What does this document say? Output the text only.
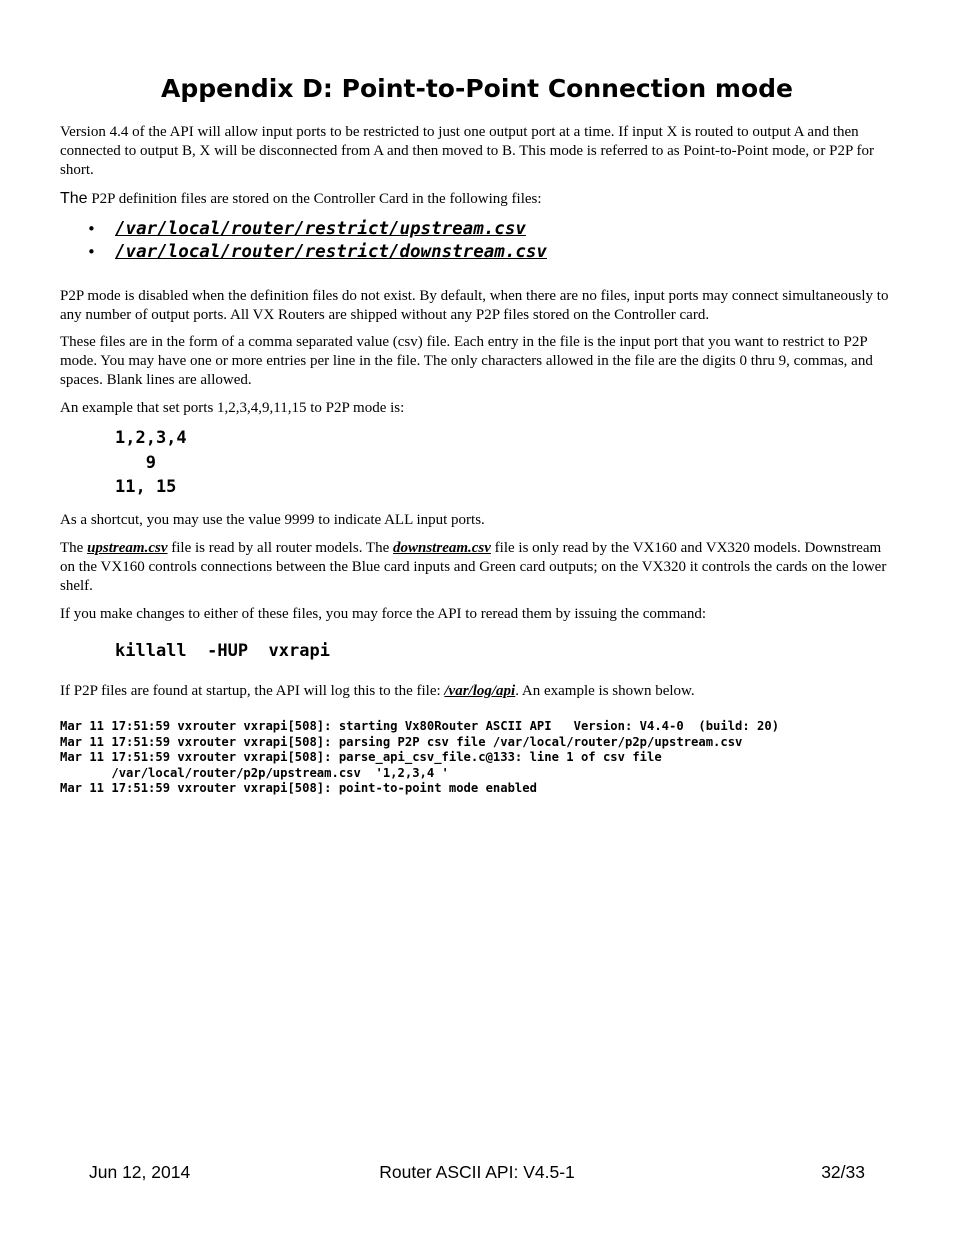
Appendix D: Point-to-Point Connection mode

Version 4.4 of the API will allow input ports to be restricted to just one output port at a time. If input X is routed to output A and then connected to output B, X will be disconnected from A and then moved to B. This mode is referred to as Point-to-Point mode, or P2P for short.

The P2P definition files are stored on the Controller Card in the following files:

•	/var/local/router/restrict/upstream.csv
•	/var/local/router/restrict/downstream.csv

P2P mode is disabled when the definition files do not exist. By default, when there are no files, input ports may connect simultaneously to any number of output ports. All VX Routers are shipped without any P2P files stored on the Controller card.

These files are in the form of a comma separated value (csv) file. Each entry in the file is the input port that you want to restrict to P2P mode. You may have one or more entries per line in the file. The only characters allowed in the file are the digits 0 thru 9, commas, and spaces. Blank lines are allowed.

An example that set ports 1,2,3,4,9,11,15 to P2P mode is:

1,2,3,4
9
11, 15

As a shortcut, you may use the value 9999 to indicate ALL input ports.

The upstream.csv file is read by all router models. The downstream.csv file is only read by the VX160 and VX320 models. Downstream on the VX160 controls connections between the Blue card inputs and Green card outputs; on the VX320 it controls the cards on the lower shelf.

If you make changes to either of these files, you may force the API to reread them by issuing the command:

killall  -HUP  vxrapi

If P2P files are found at startup, the API will log this to the file: /var/log/api. An example is shown below.

Mar 11 17:51:59 vxrouter vxrapi[508]: starting Vx80Router ASCII API   Version: V4.4-0  (build: 20)
Mar 11 17:51:59 vxrouter vxrapi[508]: parsing P2P csv file /var/local/router/p2p/upstream.csv
Mar 11 17:51:59 vxrouter vxrapi[508]: parse_api_csv_file.c@133: line 1 of csv file
/var/local/router/p2p/upstream.csv  '1,2,3,4 '
Mar 11 17:51:59 vxrouter vxrapi[508]: point-to-point mode enabled

Jun 12, 2014	Router ASCII API: V4.5-1	32/33
